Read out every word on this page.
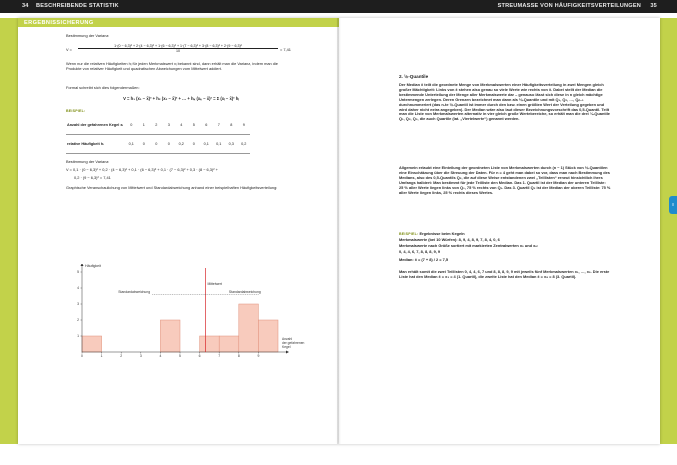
34 BESCHREIBENDE STATISTIK	STREUMASSE VON HÄUFIGKEITSVERTEILUNGEN 35
ERGEBNISSICHERUNG
Bestimmung der Varianz:
V =
1·(0 − 6,3)² + 2·(4 − 6,3)² + 1·(6 − 6,3)² + 1·(7 − 6,3)² + 3·(8 − 6,3)² + 2·(9 − 6,3)²
10	= 7,41
Wenn nur die relativen Häufigkeiten hᵢ für jeden Merkmalswert xᵢ bekannt sind, dann erhält man die Varianz, indem man die Produkte von relativer Häufigkeit und quadratischen Abweichungen vom Mittelwert addiert.
Formal schreibt sich dies folgendermaßen:
V = h₁ (x₁ − x̄)² + h₂ (x₂ − x̄)² + … + hₖ (xₖ − x̄)² = Σ (xᵢ − x̄)² hᵢ
BEISPIEL:
Anzahl der gefahrenen Kegel xᵢ	0	1	2	3	4	5	6	7	8	9
relative Häufigkeit hᵢ	0,1	0	0	0	0,2	0	0,1	0,1	0,3	0,2
Bestimmung der Varianz:
V = 0,1 · (0 − 6,3)² + 0,2 · (4 − 6,3)² + 0,1 · (6 − 6,3)² + 0,1 · (7 − 6,3)² + 0,3 · (8 − 6,3)² +
0,2 · (9 − 6,3)² = 7,41
Graphische Veranschaulichung von Mittelwert und Standardabweichung anhand einer beispielhaften Häufigkeitsverteilung:
1
2
3
4
5
0	1	2	3	4	5	6	7	8	9
Mittelwert
Standardabweichung	Standardabweichung
Häufigkeit
Anzahl der gefahrenen Kegel
2. ¹⁄ₙ-Quantile
Der Median x̃ teilt die geordnete Menge von Merkmalswerten einer Häufigkeitsverteilung in zwei Mengen gleich großer Mächtigkeit: Links von x̃ stehen also genau so viele Werte wie rechts von x̃. Dabei stellt der Median die bestimmende Unterteilung der Menge aller Merkmalswerte dar – genauso lässt sich diese in n gleich mächtige Untermengen zerlegen. Deren Grenzen bezeichnet man dann als ¹⁄ₙ-Quantile und mit Q₁, Q₂, …, Qₙ₋₁ durchnummeriert (das n-te ¹⁄ₙ-Quantil ist immer durch den bzw. einen größten Wert der Verteilung gegeben und wird daher nicht extra angegeben). Der Median wäre also laut dieser Bezeichnungsvorschrift das 0,5-Quantil. Teilt man die Liste von Merkmalswerten alternativ in vier gleich große Wertebereiche, so erhält man die drei ¼-Quantile Q₁, Q₂, Q₃, die auch Quartile (lat. „Viertelwerte“) genannt werden.
Allgemein erlaubt eine Einteilung der geordneten Liste von Merkmalswerten durch (n − 1) Stück von ¹⁄ₙ-Quantilen eine Einschätzung über die Streuung der Daten. Für n = 4 geht man dabei so vor, dass man nach Bestimmung des Medians, also des 0,5-Quantils Q₂, die auf diese Weise entstandenen zwei „Teillisten“ erneut hinsichtlich ihres Umfangs halbiert: Man bestimmt für jede Teilliste den Median. Das 1. Quartil ist der Median der unteren Teilliste: 25 % aller Werte liegen links von Q₁, 75 % rechts von Q₁. Das 3. Quartil Q₃ ist der Median der oberen Teilliste: 75 % aller Werte liegen links, 25 % rechts dieses Wertes.
BEISPIEL: Ergebnisse beim Kegeln
Merkmalswerte (bei 10 Würfen): 8, 9, 4, 8, 9, 7, 8, 4, 0, 6
Merkmalswerte nach Größe sortiert mit markierten Zentralwerten x₅ und x₆:
0, 4, 4, 6, 7, 8, 8, 8, 9, 9
Median: x̃ = (7 + 8) / 2 = 7,5
Man erhält somit die zwei Teillisten 0, 4, 4, 6, 7 und 8, 8, 8, 9, 9 mit jeweils fünf Merkmalswerten x₁, …, x₅. Die erste Liste hat den Median x̃ = x₃ = 4 (1. Quartil), die zweite Liste hat den Median x̃ = x₈ = 8 (3. Quartil).
I
